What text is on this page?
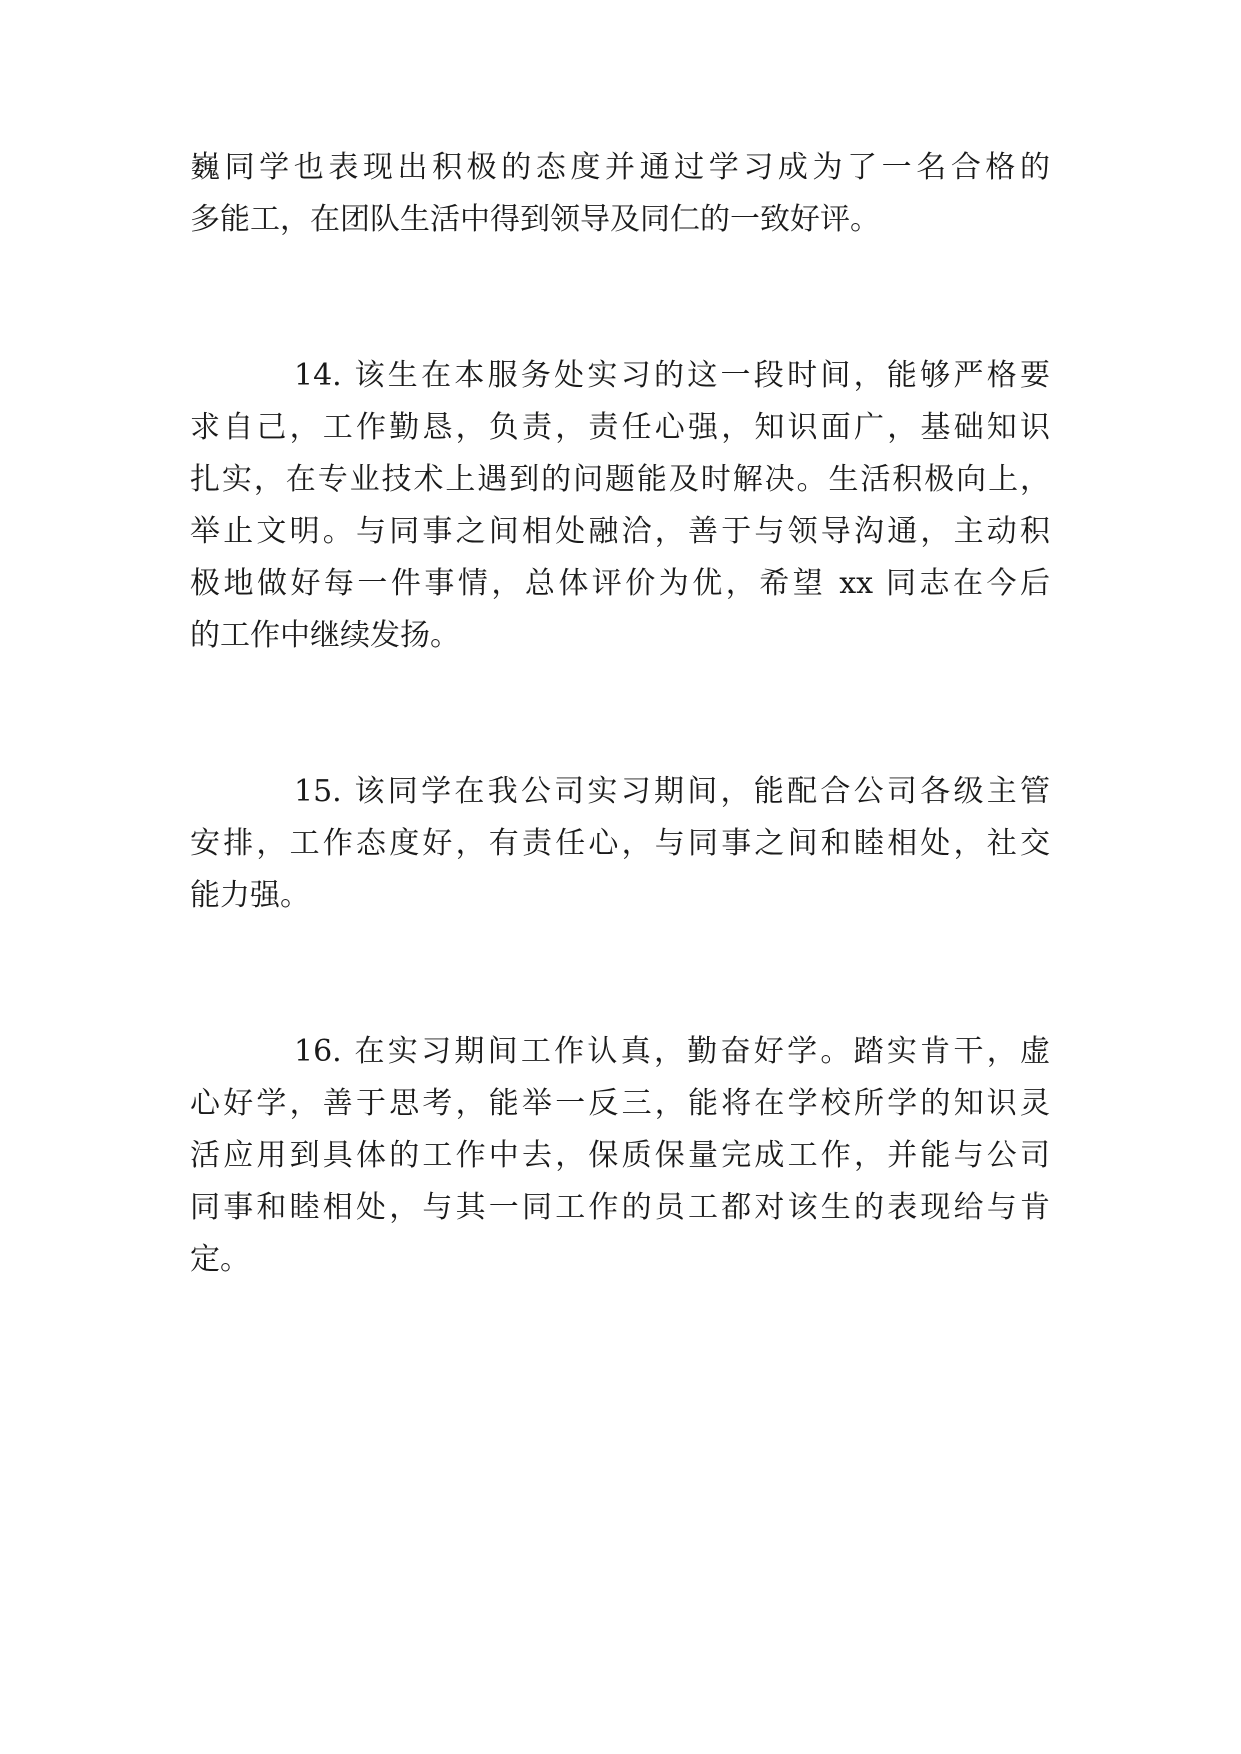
巍同学也表现出积极的态度并通过学习成为了一名合格的
多能工，在团队生活中得到领导及同仁的一致好评。
14. 该生在本服务处实习的这一段时间，能够严格要
求自己，工作勤恳，负责，责任心强，知识面广，基础知识
扎实，在专业技术上遇到的问题能及时解决。生活积极向上，
举止文明。与同事之间相处融洽，善于与领导沟通，主动积
极地做好每一件事情，总体评价为优，希望 xx 同志在今后
的工作中继续发扬。
15. 该同学在我公司实习期间，能配合公司各级主管
安排，工作态度好，有责任心，与同事之间和睦相处，社交
能力强。
16. 在实习期间工作认真，勤奋好学。踏实肯干，虚
心好学，善于思考，能举一反三，能将在学校所学的知识灵
活应用到具体的工作中去，保质保量完成工作，并能与公司
同事和睦相处，与其一同工作的员工都对该生的表现给与肯
定。
